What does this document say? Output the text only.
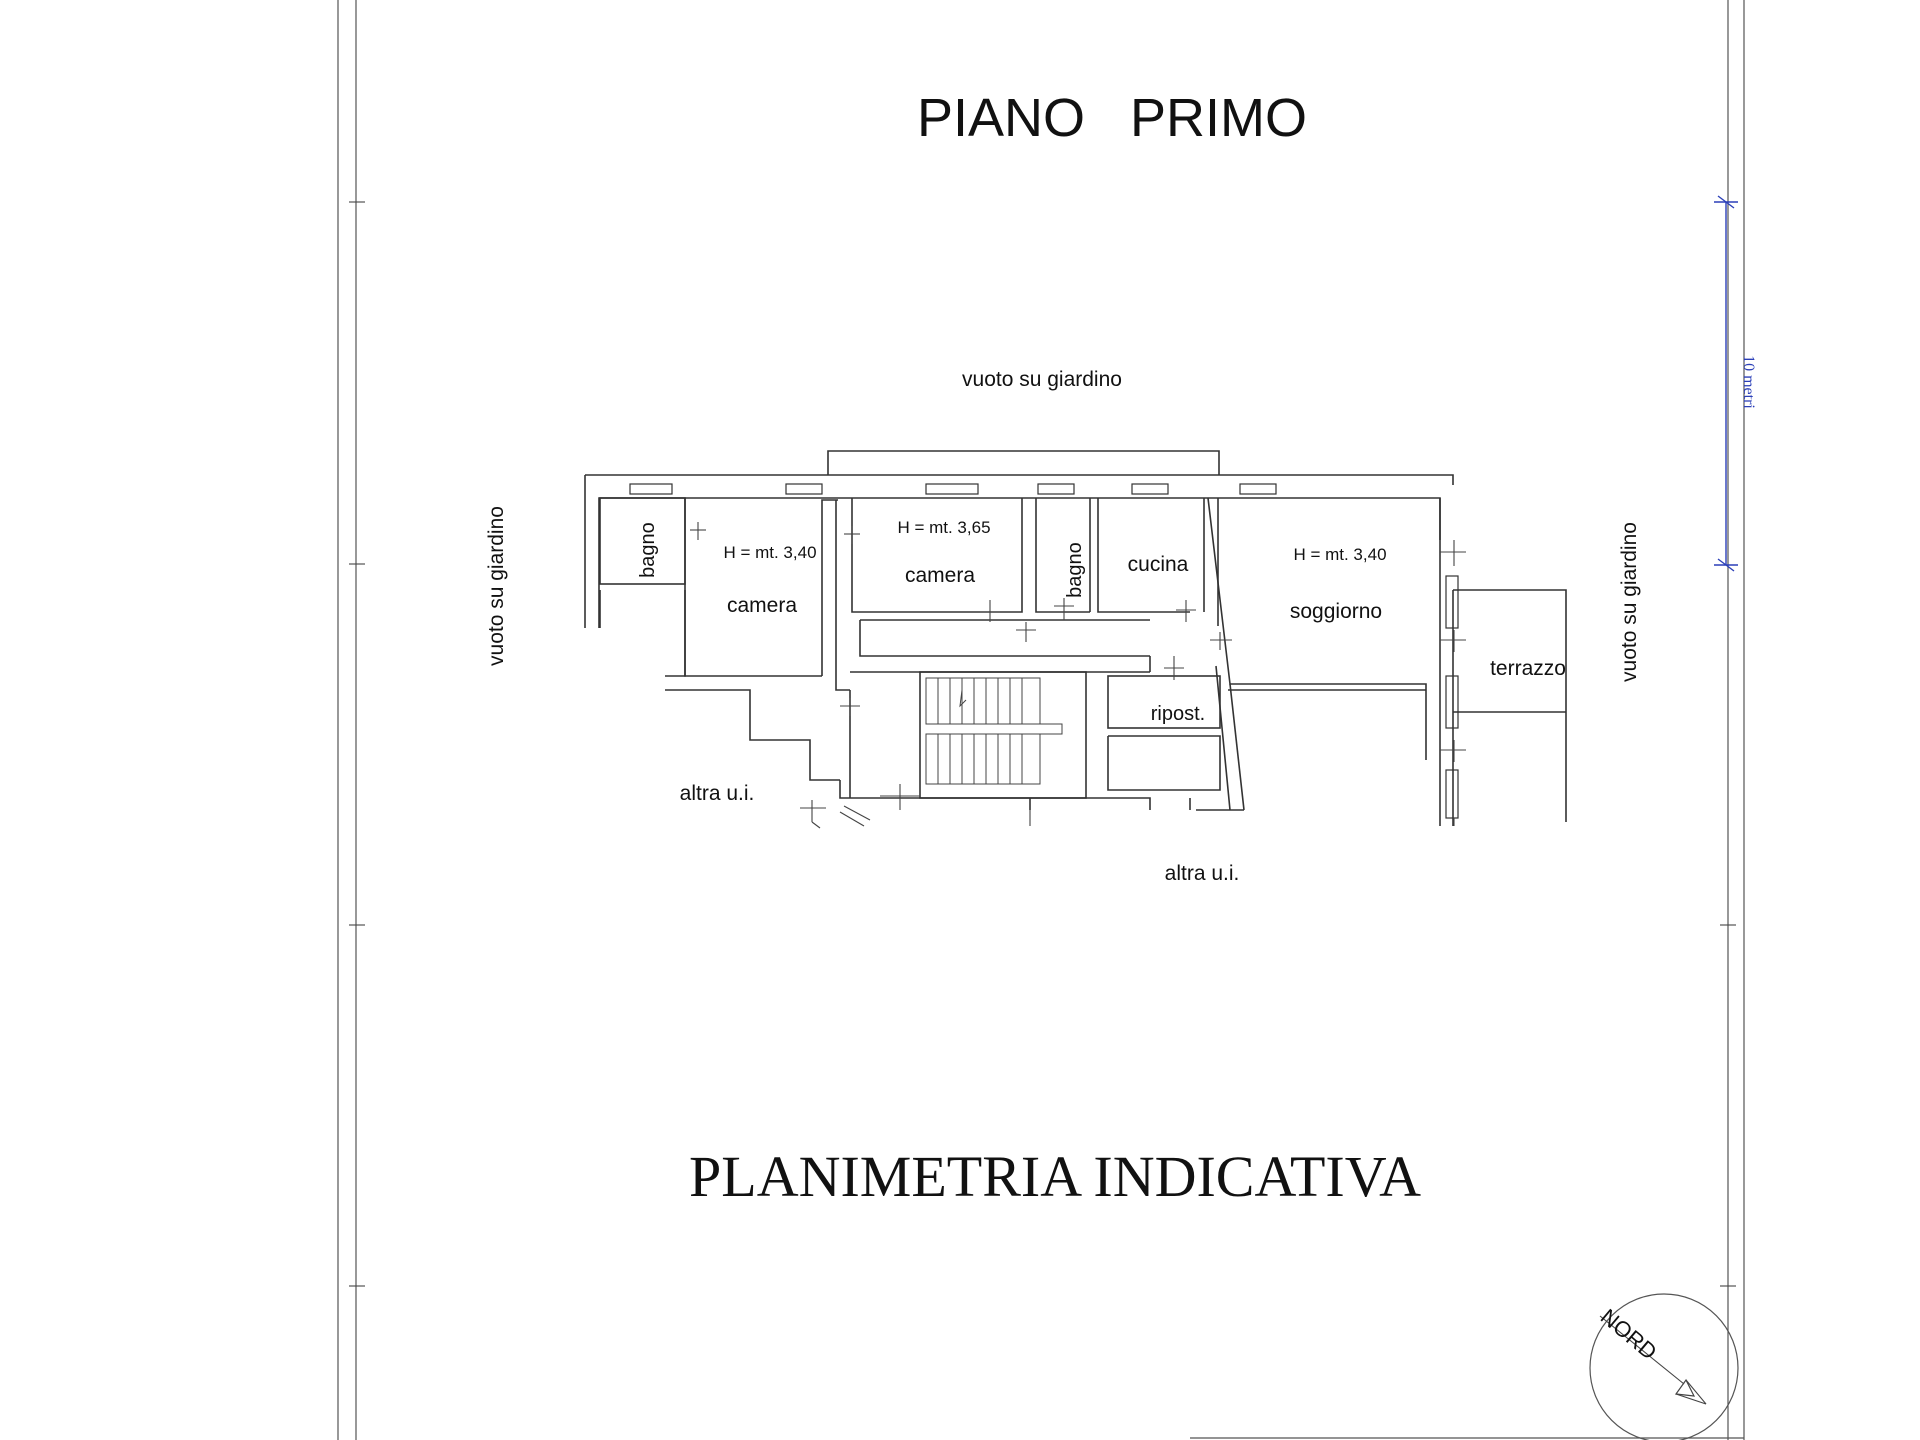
10 metri
PIANO   PRIMO
vuoto su giardino
vuoto su giardino	vuoto su giardino
altra u.i.
altra u.i.
bagno	H = mt. 3,40
camera
H = mt. 3,65
camera	bagno cucina	H = mt. 3,40
soggiorno
terrazzo
ripost.
PLANIMETRIA INDICATIVA
NORD
